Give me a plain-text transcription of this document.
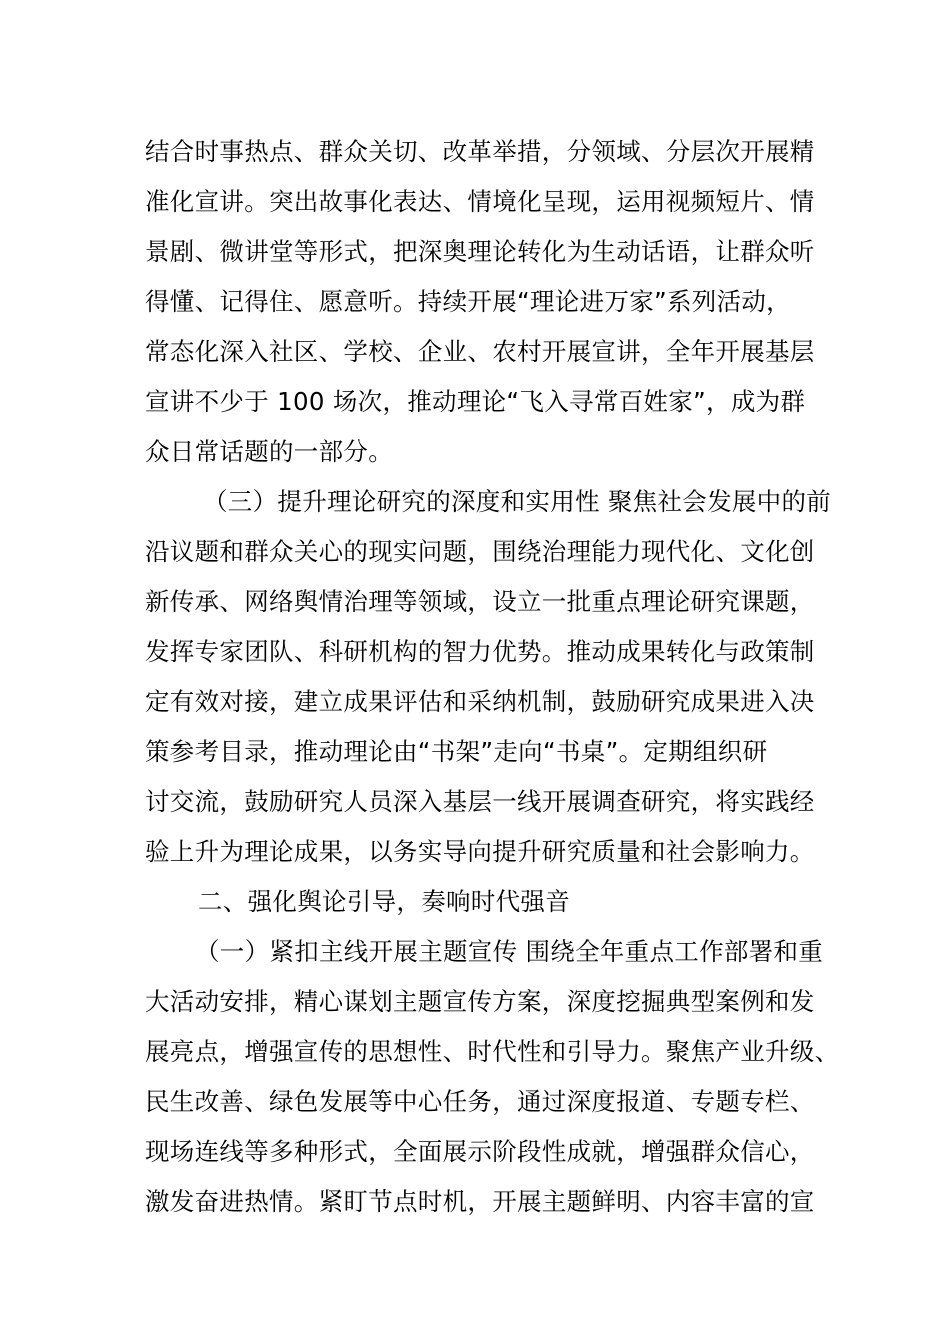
结合时事热点、群众关切、改革举措，分领域、分层次开展精
准化宣讲。突出故事化表达、情境化呈现，运用视频短片、情
景剧、微讲堂等形式，把深奥理论转化为生动话语，让群众听
得懂、记得住、愿意听。持续开展“理论进万家”系列活动，
常态化深入社区、学校、企业、农村开展宣讲，全年开展基层
宣讲不少于 100 场次，推动理论“飞入寻常百姓家”，成为群
众日常话题的一部分。
（三）提升理论研究的深度和实用性 聚焦社会发展中的前
沿议题和群众关心的现实问题，围绕治理能力现代化、文化创
新传承、网络舆情治理等领域，设立一批重点理论研究课题，
发挥专家团队、科研机构的智力优势。推动成果转化与政策制
定有效对接，建立成果评估和采纳机制，鼓励研究成果进入决
策参考目录，推动理论由“书架”走向“书桌”。定期组织研
讨交流，鼓励研究人员深入基层一线开展调查研究，将实践经
验上升为理论成果，以务实导向提升研究质量和社会影响力。
二、强化舆论引导，奏响时代强音
（一）紧扣主线开展主题宣传 围绕全年重点工作部署和重
大活动安排，精心谋划主题宣传方案，深度挖掘典型案例和发
展亮点，增强宣传的思想性、时代性和引导力。聚焦产业升级、
民生改善、绿色发展等中心任务，通过深度报道、专题专栏、
现场连线等多种形式，全面展示阶段性成就，增强群众信心，
激发奋进热情。紧盯节点时机，开展主题鲜明、内容丰富的宣
